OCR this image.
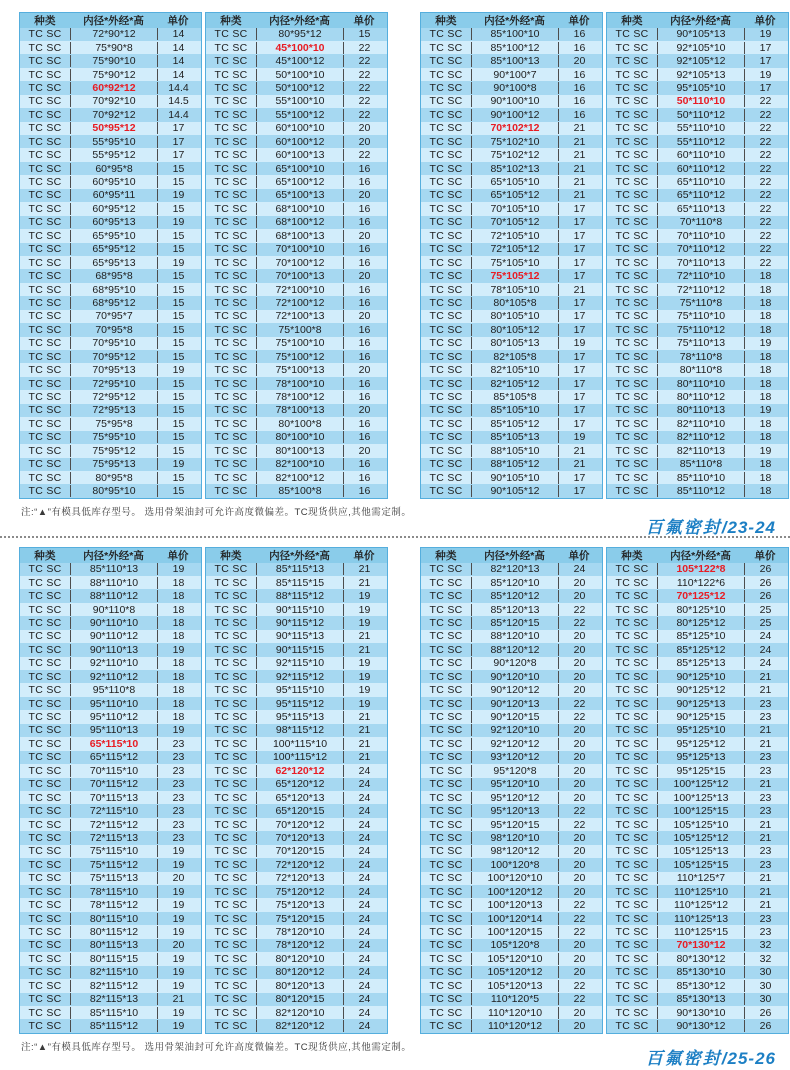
种类	内径*外经*高	单价
TC SC	72*90*12	14
TC SC	75*90*8	14
TC SC	75*90*10	14
TC SC	75*90*12	14
TC SC	60*92*12	14.4
TC SC	70*92*10	14.5
TC SC	70*92*12	14.4
TC SC	50*95*12	17
TC SC	55*95*10	17
TC SC	55*95*12	17
TC SC	60*95*8	15
TC SC	60*95*10	15
TC SC	60*95*11	19
TC SC	60*95*12	15
TC SC	60*95*13	19
TC SC	65*95*10	15
TC SC	65*95*12	15
TC SC	65*95*13	19
TC SC	68*95*8	15
TC SC	68*95*10	15
TC SC	68*95*12	15
TC SC	70*95*7	15
TC SC	70*95*8	15
TC SC	70*95*10	15
TC SC	70*95*12	15
TC SC	70*95*13	19
TC SC	72*95*10	15
TC SC	72*95*12	15
TC SC	72*95*13	15
TC SC	75*95*8	15
TC SC	75*95*10	15
TC SC	75*95*12	15
TC SC	75*95*13	19
TC SC	80*95*8	15
TC SC	80*95*10	15
种类	内径*外经*高	单价
TC SC	80*95*12	15
TC SC	45*100*10	22
TC SC	45*100*12	22
TC SC	50*100*10	22
TC SC	50*100*12	22
TC SC	55*100*10	22
TC SC	55*100*12	22
TC SC	60*100*10	20
TC SC	60*100*12	20
TC SC	60*100*13	22
TC SC	65*100*10	16
TC SC	65*100*12	16
TC SC	65*100*13	20
TC SC	68*100*10	16
TC SC	68*100*12	16
TC SC	68*100*13	20
TC SC	70*100*10	16
TC SC	70*100*12	16
TC SC	70*100*13	20
TC SC	72*100*10	16
TC SC	72*100*12	16
TC SC	72*100*13	20
TC SC	75*100*8	16
TC SC	75*100*10	16
TC SC	75*100*12	16
TC SC	75*100*13	20
TC SC	78*100*10	16
TC SC	78*100*12	16
TC SC	78*100*13	20
TC SC	80*100*8	16
TC SC	80*100*10	16
TC SC	80*100*13	20
TC SC	82*100*10	16
TC SC	82*100*12	16
TC SC	85*100*8	16
种类	内径*外经*高	单价
TC SC	85*100*10	16
TC SC	85*100*12	16
TC SC	85*100*13	20
TC SC	90*100*7	16
TC SC	90*100*8	16
TC SC	90*100*10	16
TC SC	90*100*12	16
TC SC	70*102*12	21
TC SC	75*102*10	21
TC SC	75*102*12	21
TC SC	85*102*13	21
TC SC	65*105*10	21
TC SC	65*105*12	21
TC SC	70*105*10	17
TC SC	70*105*12	17
TC SC	72*105*10	17
TC SC	72*105*12	17
TC SC	75*105*10	17
TC SC	75*105*12	17
TC SC	78*105*10	21
TC SC	80*105*8	17
TC SC	80*105*10	17
TC SC	80*105*12	17
TC SC	80*105*13	19
TC SC	82*105*8	17
TC SC	82*105*10	17
TC SC	82*105*12	17
TC SC	85*105*8	17
TC SC	85*105*10	17
TC SC	85*105*12	17
TC SC	85*105*13	19
TC SC	88*105*10	21
TC SC	88*105*12	21
TC SC	90*105*10	17
TC SC	90*105*12	17
种类	内径*外经*高	单价
TC SC	90*105*13	19
TC SC	92*105*10	17
TC SC	92*105*12	17
TC SC	92*105*13	19
TC SC	95*105*10	17
TC SC	50*110*10	22
TC SC	50*110*12	22
TC SC	55*110*10	22
TC SC	55*110*12	22
TC SC	60*110*10	22
TC SC	60*110*12	22
TC SC	65*110*10	22
TC SC	65*110*12	22
TC SC	65*110*13	22
TC SC	70*110*8	22
TC SC	70*110*10	22
TC SC	70*110*12	22
TC SC	70*110*13	22
TC SC	72*110*10	18
TC SC	72*110*12	18
TC SC	75*110*8	18
TC SC	75*110*10	18
TC SC	75*110*12	18
TC SC	75*110*13	19
TC SC	78*110*8	18
TC SC	80*110*8	18
TC SC	80*110*10	18
TC SC	80*110*12	18
TC SC	80*110*13	19
TC SC	82*110*10	18
TC SC	82*110*12	18
TC SC	82*110*13	19
TC SC	85*110*8	18
TC SC	85*110*10	18
TC SC	85*110*12	18
注:“▲”有模具低库存型号。 选用骨架油封可允许高度微偏差。TC现货供应,其他需定制。
百氟密封/23-24
种类	内径*外经*高	单价
TC SC	85*110*13	19
TC SC	88*110*10	18
TC SC	88*110*12	18
TC SC	90*110*8	18
TC SC	90*110*10	18
TC SC	90*110*12	18
TC SC	90*110*13	19
TC SC	92*110*10	18
TC SC	92*110*12	18
TC SC	95*110*8	18
TC SC	95*110*10	18
TC SC	95*110*12	18
TC SC	95*110*13	19
TC SC	65*115*10	23
TC SC	65*115*12	23
TC SC	70*115*10	23
TC SC	70*115*12	23
TC SC	70*115*13	23
TC SC	72*115*10	23
TC SC	72*115*12	23
TC SC	72*115*13	23
TC SC	75*115*10	19
TC SC	75*115*12	19
TC SC	75*115*13	20
TC SC	78*115*10	19
TC SC	78*115*12	19
TC SC	80*115*10	19
TC SC	80*115*12	19
TC SC	80*115*13	20
TC SC	80*115*15	19
TC SC	82*115*10	19
TC SC	82*115*12	19
TC SC	82*115*13	21
TC SC	85*115*10	19
TC SC	85*115*12	19
种类	内径*外经*高	单价
TC SC	85*115*13	21
TC SC	85*115*15	21
TC SC	88*115*12	19
TC SC	90*115*10	19
TC SC	90*115*12	19
TC SC	90*115*13	21
TC SC	90*115*15	21
TC SC	92*115*10	19
TC SC	92*115*12	19
TC SC	95*115*10	19
TC SC	95*115*12	19
TC SC	95*115*13	21
TC SC	98*115*12	21
TC SC	100*115*10	21
TC SC	100*115*12	21
TC SC	62*120*12	24
TC SC	65*120*12	24
TC SC	65*120*13	24
TC SC	65*120*15	24
TC SC	70*120*12	24
TC SC	70*120*13	24
TC SC	70*120*15	24
TC SC	72*120*12	24
TC SC	72*120*13	24
TC SC	75*120*12	24
TC SC	75*120*13	24
TC SC	75*120*15	24
TC SC	78*120*10	24
TC SC	78*120*12	24
TC SC	80*120*10	24
TC SC	80*120*12	24
TC SC	80*120*13	24
TC SC	80*120*15	24
TC SC	82*120*10	24
TC SC	82*120*12	24
种类	内径*外经*高	单价
TC SC	82*120*13	24
TC SC	85*120*10	20
TC SC	85*120*12	20
TC SC	85*120*13	22
TC SC	85*120*15	22
TC SC	88*120*10	20
TC SC	88*120*12	20
TC SC	90*120*8	20
TC SC	90*120*10	20
TC SC	90*120*12	20
TC SC	90*120*13	22
TC SC	90*120*15	22
TC SC	92*120*10	20
TC SC	92*120*12	20
TC SC	93*120*12	20
TC SC	95*120*8	20
TC SC	95*120*10	20
TC SC	95*120*12	20
TC SC	95*120*13	22
TC SC	95*120*15	22
TC SC	98*120*10	20
TC SC	98*120*12	20
TC SC	100*120*8	20
TC SC	100*120*10	20
TC SC	100*120*12	20
TC SC	100*120*13	22
TC SC	100*120*14	22
TC SC	100*120*15	22
TC SC	105*120*8	20
TC SC	105*120*10	20
TC SC	105*120*12	20
TC SC	105*120*13	22
TC SC	110*120*5	22
TC SC	110*120*10	20
TC SC	110*120*12	20
种类	内径*外经*高	单价
TC SC	105*122*8	26
TC SC	110*122*6	26
TC SC	70*125*12	26
TC SC	80*125*10	25
TC SC	80*125*12	25
TC SC	85*125*10	24
TC SC	85*125*12	24
TC SC	85*125*13	24
TC SC	90*125*10	21
TC SC	90*125*12	21
TC SC	90*125*13	23
TC SC	90*125*15	23
TC SC	95*125*10	21
TC SC	95*125*12	21
TC SC	95*125*13	23
TC SC	95*125*15	23
TC SC	100*125*12	21
TC SC	100*125*13	23
TC SC	100*125*15	23
TC SC	105*125*10	21
TC SC	105*125*12	21
TC SC	105*125*13	23
TC SC	105*125*15	23
TC SC	110*125*7	21
TC SC	110*125*10	21
TC SC	110*125*12	21
TC SC	110*125*13	23
TC SC	110*125*15	23
TC SC	70*130*12	32
TC SC	80*130*12	32
TC SC	85*130*10	30
TC SC	85*130*12	30
TC SC	85*130*13	30
TC SC	90*130*10	26
TC SC	90*130*12	26
注:“▲”有模具低库存型号。 选用骨架油封可允许高度微偏差。TC现货供应,其他需定制。
百氟密封/25-26
